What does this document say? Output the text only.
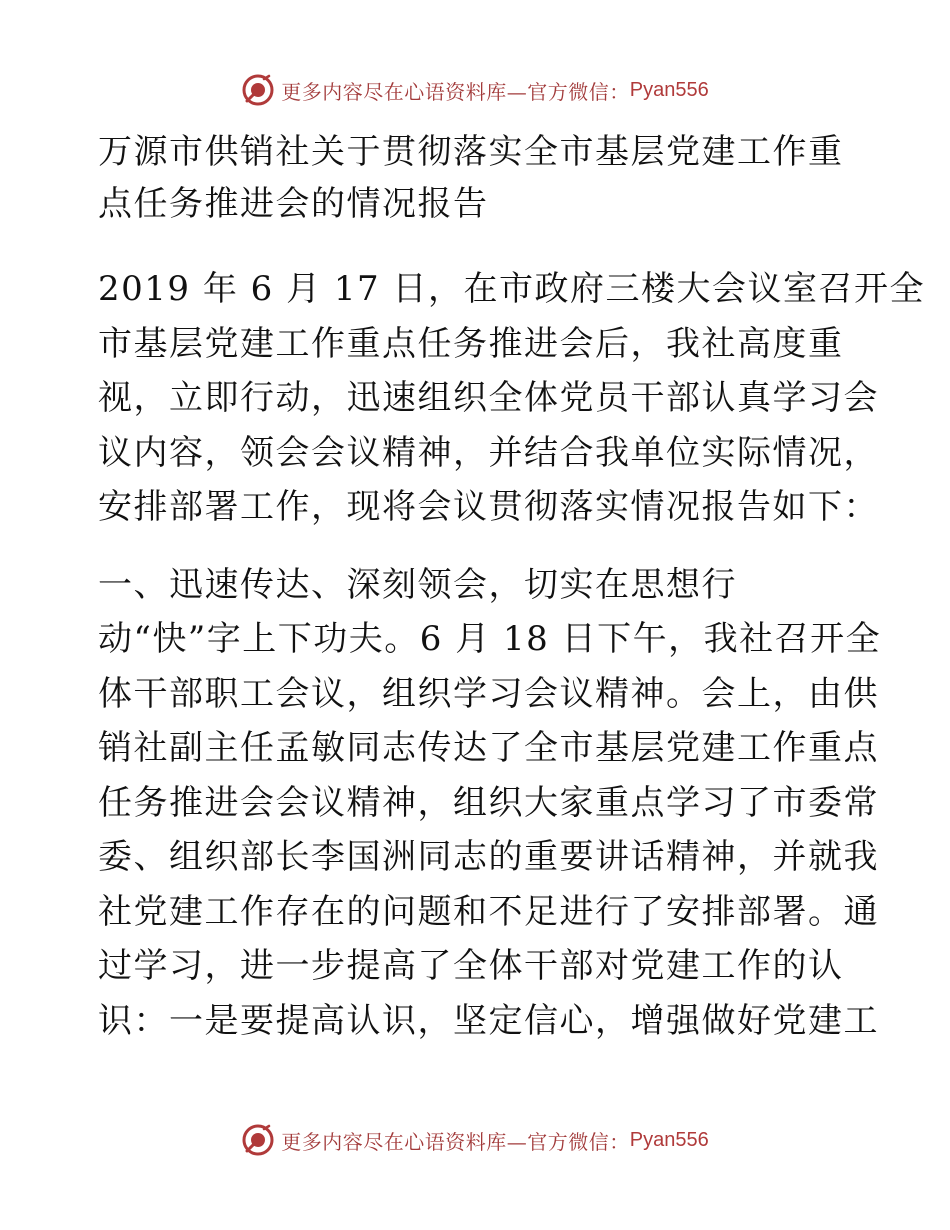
更多内容尽在心语资料库—官方微信： Pyan556
万源市供销社关于贯彻落实全市基层党建工作重
点任务推进会的情况报告

2019 年 6 月 17 日，在市政府三楼大会议室召开全
市基层党建工作重点任务推进会后，我社高度重
视，立即行动，迅速组织全体党员干部认真学习会
议内容，领会会议精神，并结合我单位实际情况，
安排部署工作，现将会议贯彻落实情况报告如下：

一、迅速传达、深刻领会，切实在思想行
动“快”字上下功夫。6 月 18 日下午，我社召开全
体干部职工会议，组织学习会议精神。会上，由供
销社副主任孟敏同志传达了全市基层党建工作重点
任务推进会会议精神，组织大家重点学习了市委常
委、组织部长李国洲同志的重要讲话精神，并就我
社党建工作存在的问题和不足进行了安排部署。通
过学习，进一步提高了全体干部对党建工作的认
识：一是要提高认识，坚定信心，增强做好党建工

更多内容尽在心语资料库—官方微信： Pyan556
